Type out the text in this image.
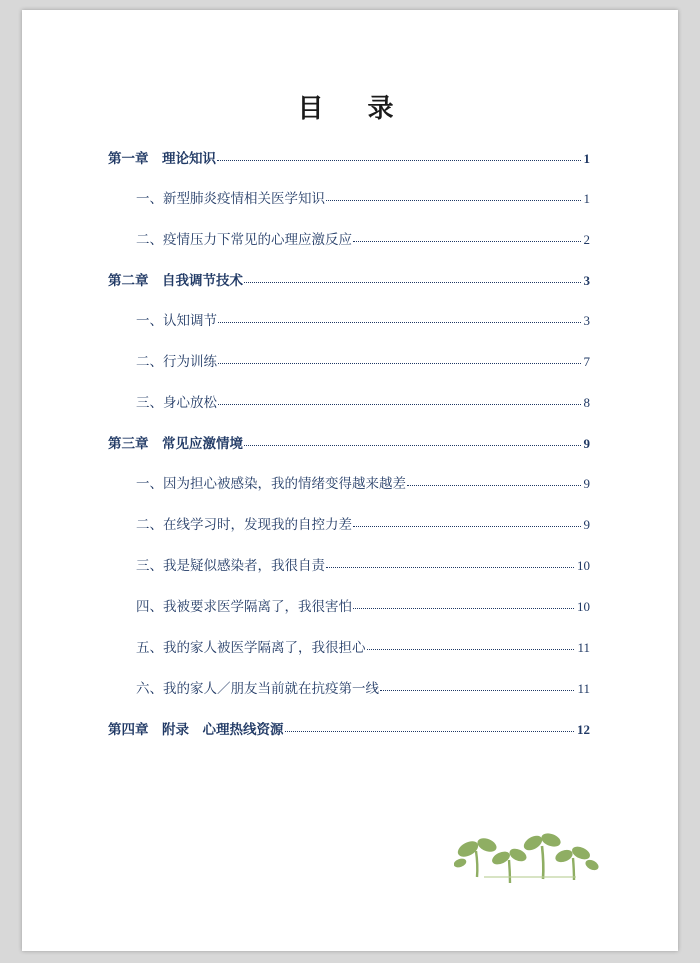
目　录
第一章　理论知识	1
一、新型肺炎疫情相关医学知识	1
二、疫情压力下常见的心理应激反应	2
第二章　自我调节技术	3
一、认知调节	3
二、行为训练	7
三、身心放松	8
第三章　常见应激情境	9
一、因为担心被感染，我的情绪变得越来越差	9
二、在线学习时，发现我的自控力差	9
三、我是疑似感染者，我很自责	10
四、我被要求医学隔离了，我很害怕	10
五、我的家人被医学隔离了，我很担心	11
六、我的家人／朋友当前就在抗疫第一线	11
第四章　附录　心理热线资源	12
